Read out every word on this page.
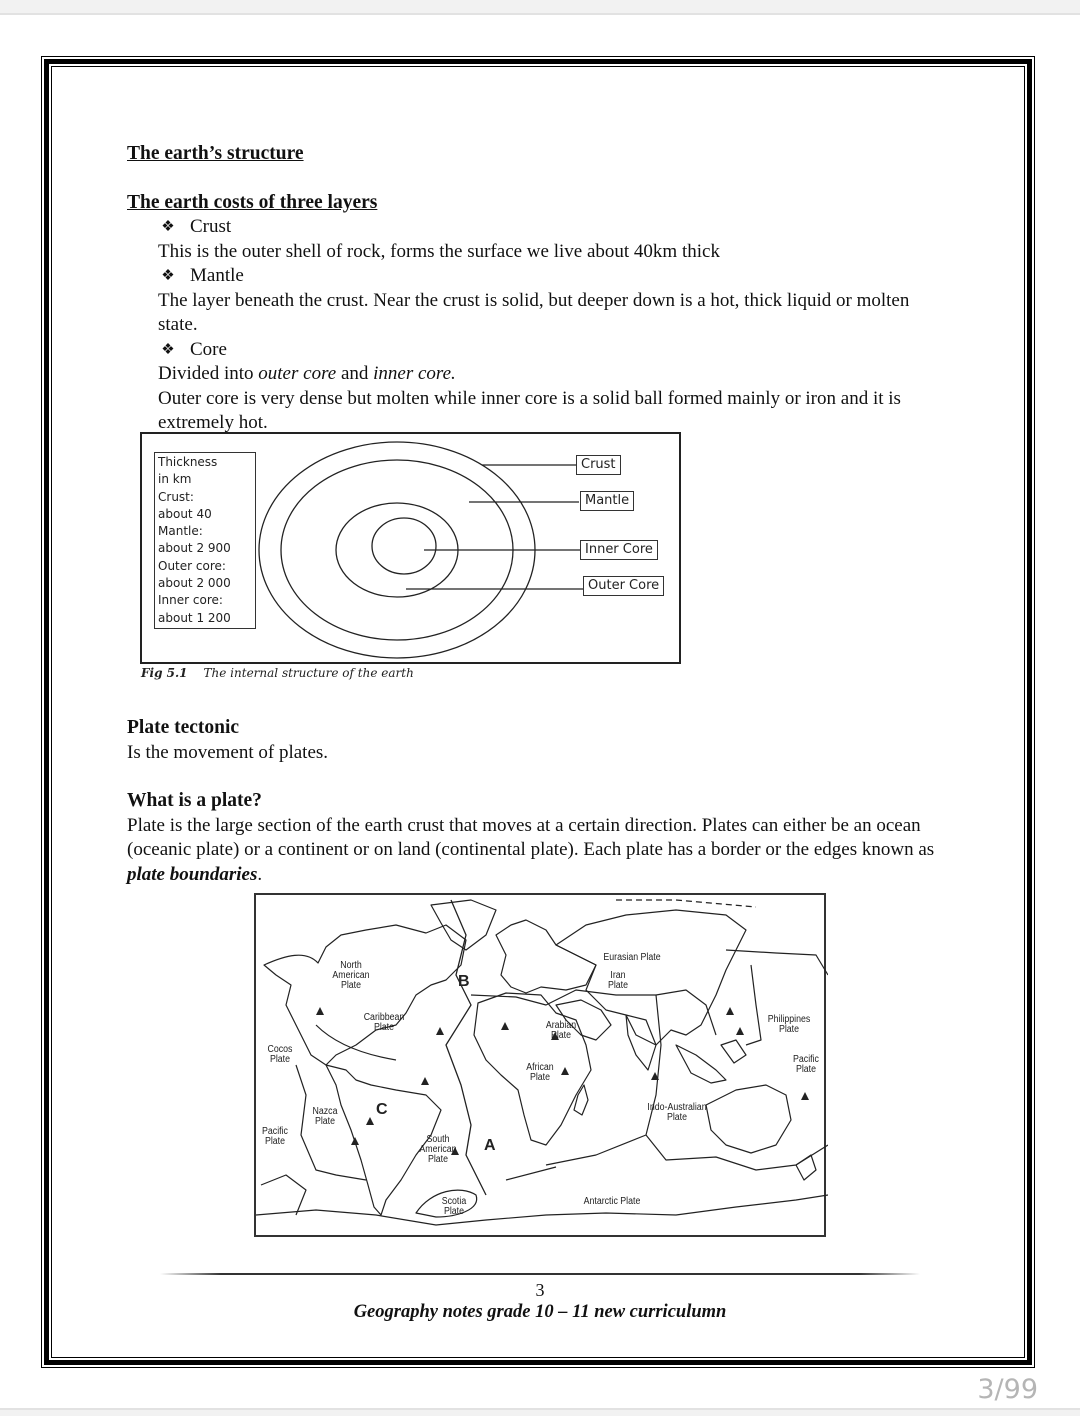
The earth’s structure
The earth costs of three layers
❖ Crust
This is the outer shell of rock, forms the surface we live about 40km thick
❖ Mantle
The layer beneath the crust. Near the crust is solid, but deeper down is a hot, thick liquid or molten state.
❖ Core
Divided into outer core and inner core.
Outer core is very dense but molten while inner core is a solid ball formed mainly or iron and it is extremely hot.
Thickness
in km
Crust:
about 40
Mantle:
about 2 900
Outer core:
about 2 000
Inner core:
about 1 200
Crust
Mantle
Inner Core
Outer Core
Fig 5.1 The internal structure of the earth
Plate tectonic
Is the movement of plates.
What is a plate?
Plate is the large section of the earth crust that moves at a certain direction. Plates can either be an ocean (oceanic plate) or a continent or on land (continental plate). Each plate has a border or the edges known as plate boundaries.
North
American
Plate
Caribbean
Plate
Cocos
Plate
Nazca
Plate
Pacific
Plate	South
American
Plate
Scotia
Plate
African
Plate
Eurasian Plate
Iran
Plate
Arabian
Plate
Indo-Australian
Plate
Antarctic Plate
Philippines
Plate
Pacific
Plate
B
C
A
3
Geography notes grade 10 – 11 new curriculumn
3/99
